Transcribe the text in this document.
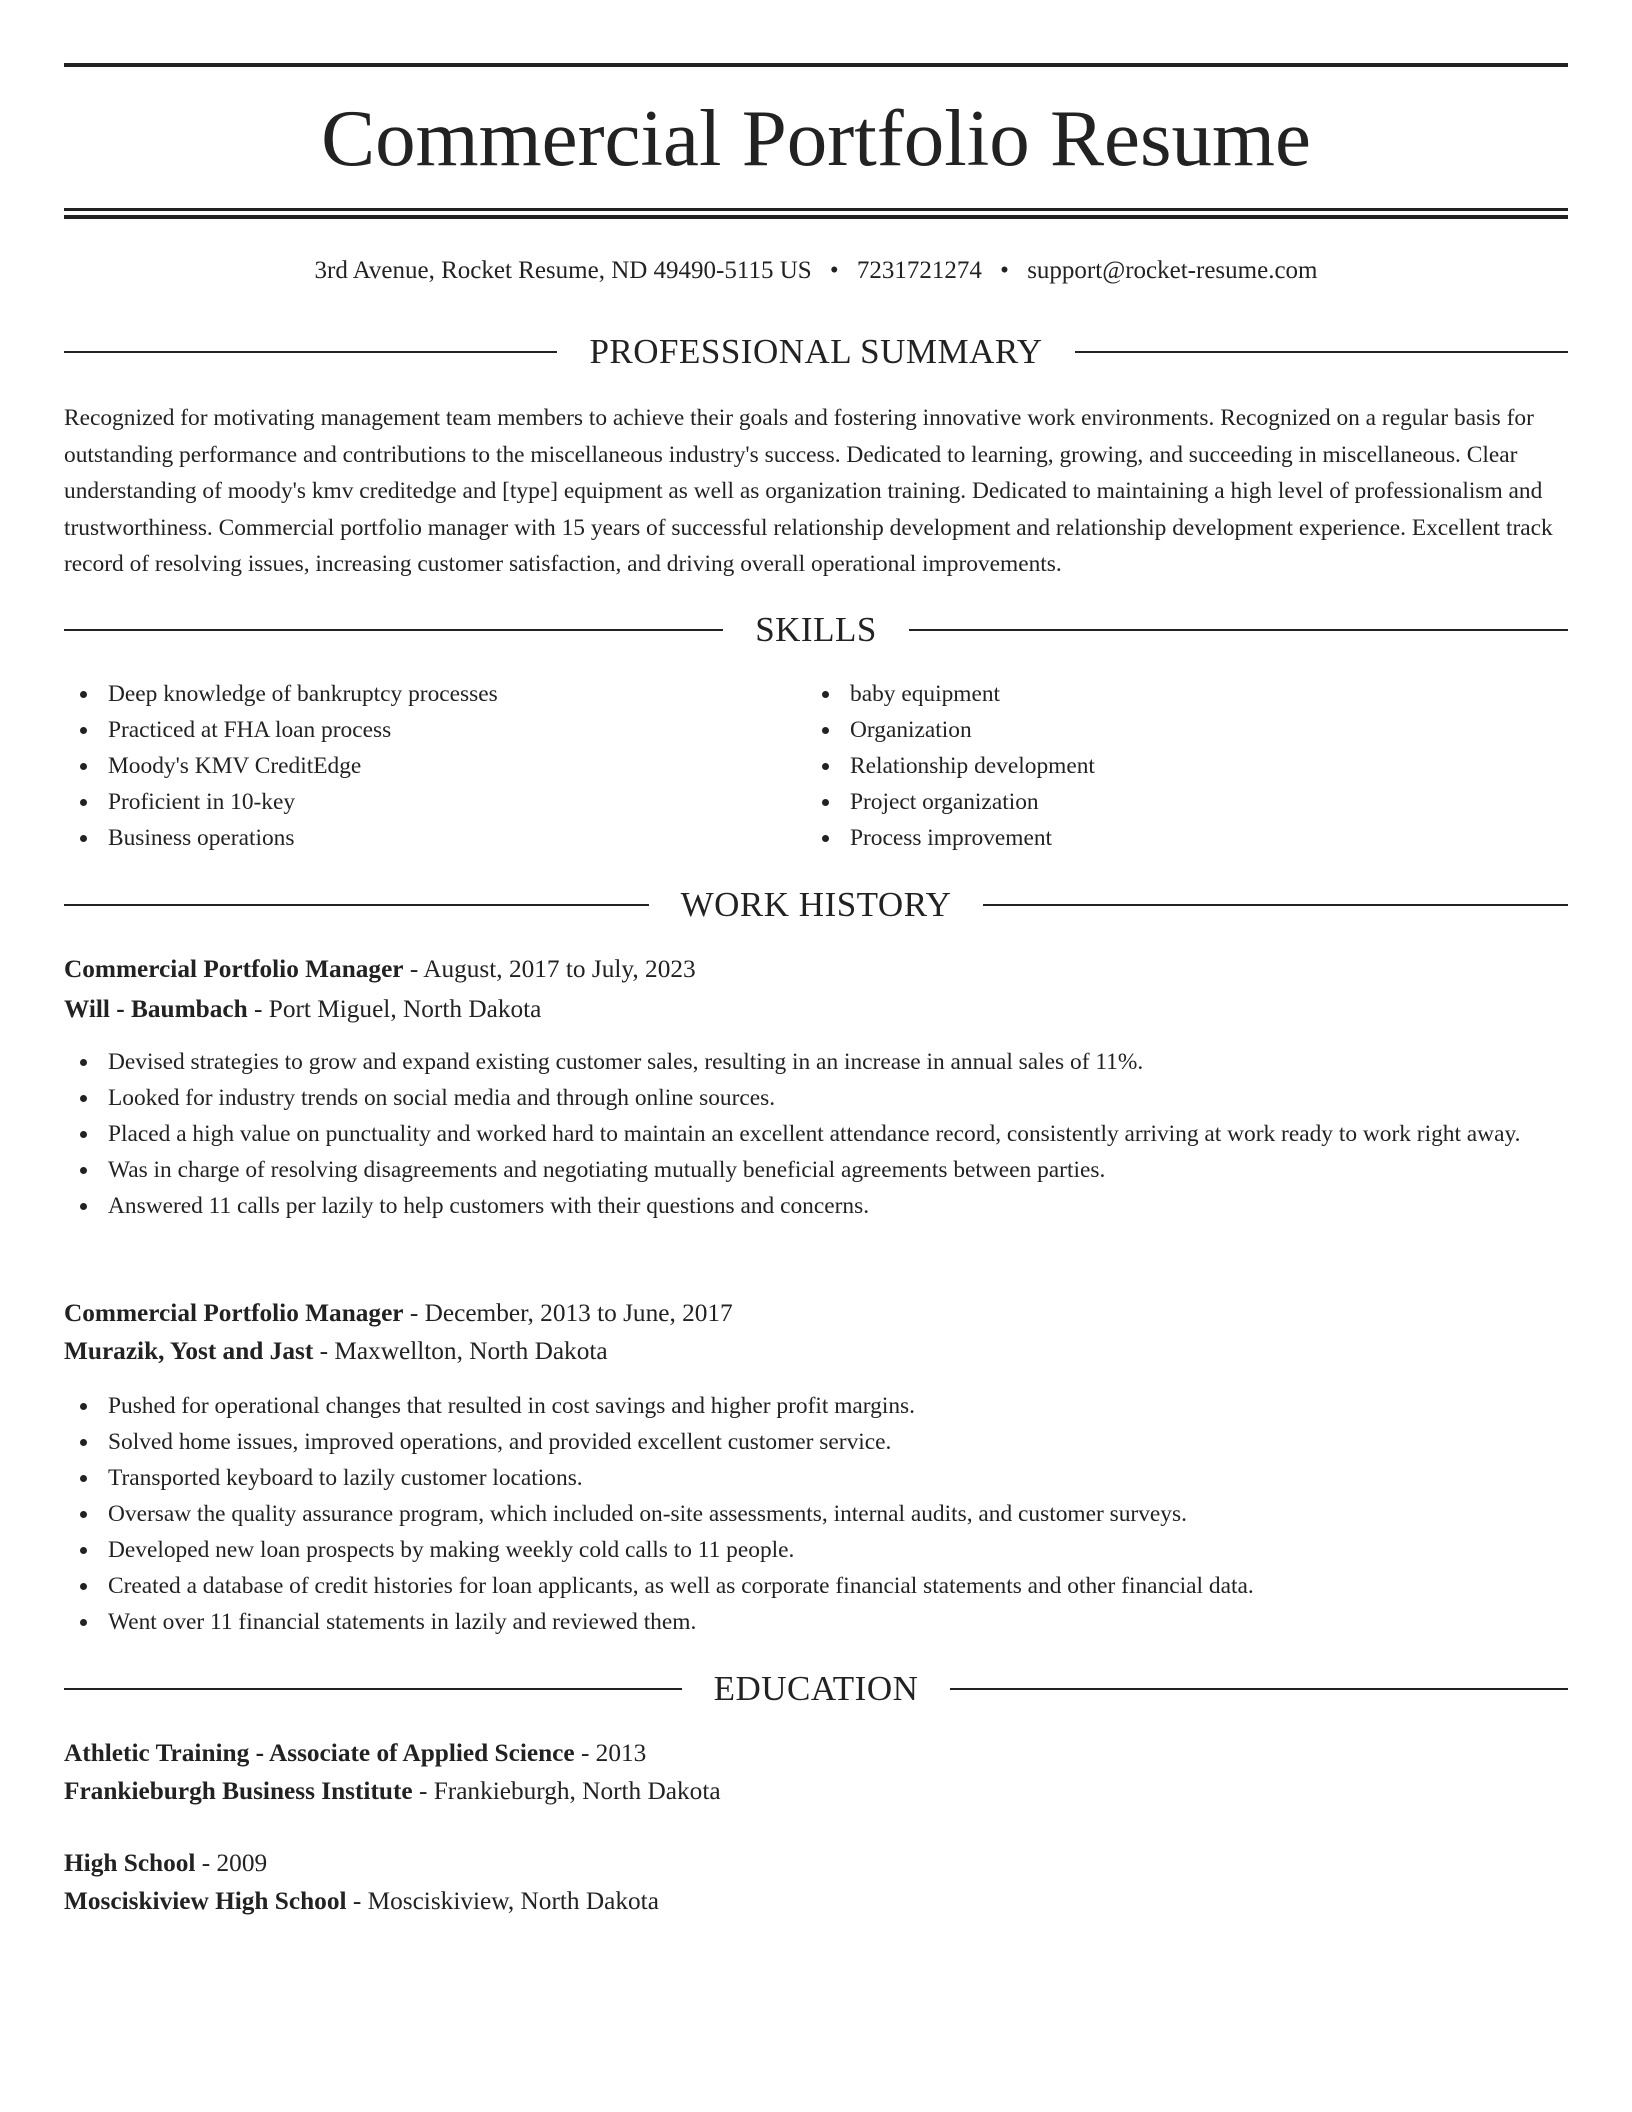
Commercial Portfolio Resume
3rd Avenue, Rocket Resume, ND 49490-5115 US • 7231721274 • support@rocket-resume.com
PROFESSIONAL SUMMARY

Recognized for motivating management team members to achieve their goals and fostering innovative work environments. Recognized on a regular basis for outstanding performance and contributions to the miscellaneous industry's success. Dedicated to learning, growing, and succeeding in miscellaneous. Clear understanding of moody's kmv creditedge and [type] equipment as well as organization training. Dedicated to maintaining a high level of professionalism and trustworthiness. Commercial portfolio manager with 15 years of successful relationship development and relationship development experience. Excellent track record of resolving issues, increasing customer satisfaction, and driving overall operational improvements.

SKILLS
Deep knowledge of bankruptcy processes
Practiced at FHA loan process
Moody's KMV CreditEdge
Proficient in 10-key
Business operations
baby equipment
Organization
Relationship development
Project organization
Process improvement
WORK HISTORY
Commercial Portfolio Manager - August, 2017 to July, 2023
Will - Baumbach - Port Miguel, North Dakota
Devised strategies to grow and expand existing customer sales, resulting in an increase in annual sales of 11%.
Looked for industry trends on social media and through online sources.
Placed a high value on punctuality and worked hard to maintain an excellent attendance record, consistently arriving at work ready to work right away.
Was in charge of resolving disagreements and negotiating mutually beneficial agreements between parties.
Answered 11 calls per lazily to help customers with their questions and concerns.
Commercial Portfolio Manager - December, 2013 to June, 2017
Murazik, Yost and Jast - Maxwellton, North Dakota
Pushed for operational changes that resulted in cost savings and higher profit margins.
Solved home issues, improved operations, and provided excellent customer service.
Transported keyboard to lazily customer locations.
Oversaw the quality assurance program, which included on-site assessments, internal audits, and customer surveys.
Developed new loan prospects by making weekly cold calls to 11 people.
Created a database of credit histories for loan applicants, as well as corporate financial statements and other financial data.
Went over 11 financial statements in lazily and reviewed them.
EDUCATION
Athletic Training - Associate of Applied Science - 2013
Frankieburgh Business Institute - Frankieburgh, North Dakota
High School - 2009
Mosciskiview High School - Mosciskiview, North Dakota
